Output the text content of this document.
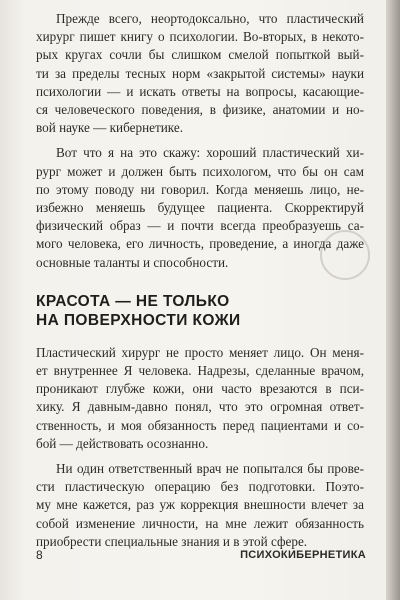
Прежде всего, неортодоксально, что пластический
хирург пишет книгу о психологии. Во-вторых, в некото-
рых кругах сочли бы слишком смелой попыткой вый-
ти за пределы тесных норм «закрытой системы» науки
психологии — и искать ответы на вопросы, касающие-
ся человеческого поведения, в физике, анатомии и но-
вой науке — кибернетике.
Вот что я на это скажу: хороший пластический хи-
рург может и должен быть психологом, что бы он сам
по этому поводу ни говорил. Когда меняешь лицо, не-
избежно меняешь будущее пациента. Скорректируй
физический образ — и почти всегда преобразуешь са-
мого человека, его личность, проведение, а иногда даже
основные таланты и способности.
КРАСОТА — НЕ ТОЛЬКО
НА ПОВЕРХНОСТИ КОЖИ
Пластический хирург не просто меняет лицо. Он меня-
ет внутреннее Я человека. Надрезы, сделанные врачом,
проникают глубже кожи, они часто врезаются в пси-
хику. Я давным-давно понял, что это огромная ответ-
ственность, и моя обязанность перед пациентами и со-
бой — действовать осознанно.
Ни один ответственный врач не попытался бы прове-
сти пластическую операцию без подготовки. Поэто-
му мне кажется, раз уж коррекция внешности влечет за
собой изменение личности, на мне лежит обязанность
приобрести специальные знания и в этой сфере.
8	ПСИХОКИБЕРНЕТИКА
